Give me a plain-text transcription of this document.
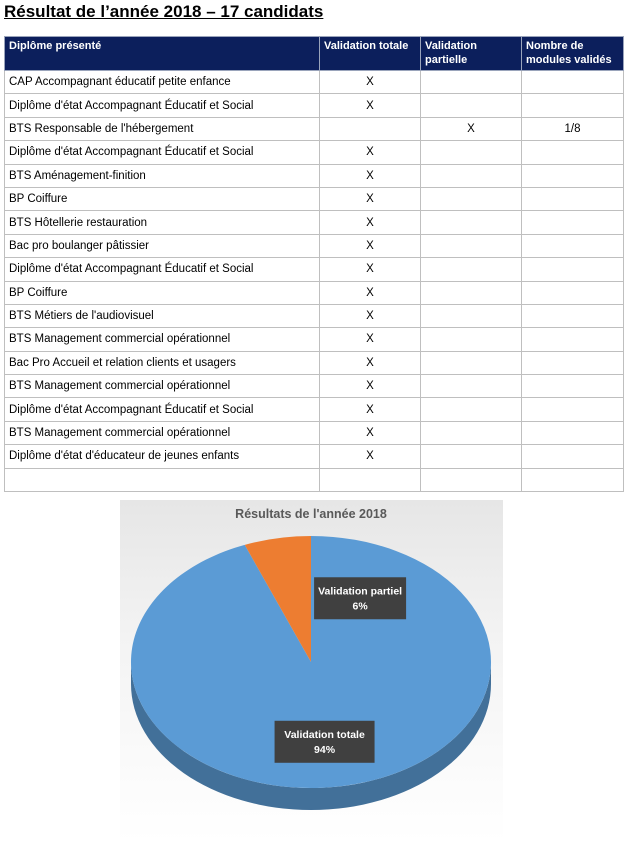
Résultat de l’année 2018 – 17 candidats
Diplôme présenté	Validation totale	Validation partielle	Nombre de modules validés
CAP Accompagnant éducatif petite enfance	X		
Diplôme d'état Accompagnant Éducatif et Social	X		
BTS Responsable de l'hébergement		X	1/8
Diplôme d'état Accompagnant Éducatif et Social	X		
BTS Aménagement-finition	X		
BP Coiffure	X		
BTS Hôtellerie restauration	X		
Bac pro boulanger pâtissier	X		
Diplôme d'état Accompagnant Éducatif et Social	X		
BP Coiffure	X		
BTS Métiers de l'audiovisuel	X		
BTS Management commercial opérationnel	X		
Bac Pro Accueil et relation clients et usagers	X		
BTS Management commercial opérationnel	X		
Diplôme d'état Accompagnant Éducatif et Social	X		
BTS Management commercial opérationnel	X		
Diplôme d'état d'éducateur de jeunes enfants	X		

Résultats de l'année 2018
Validation totale
94%
Validation partiel
6%
